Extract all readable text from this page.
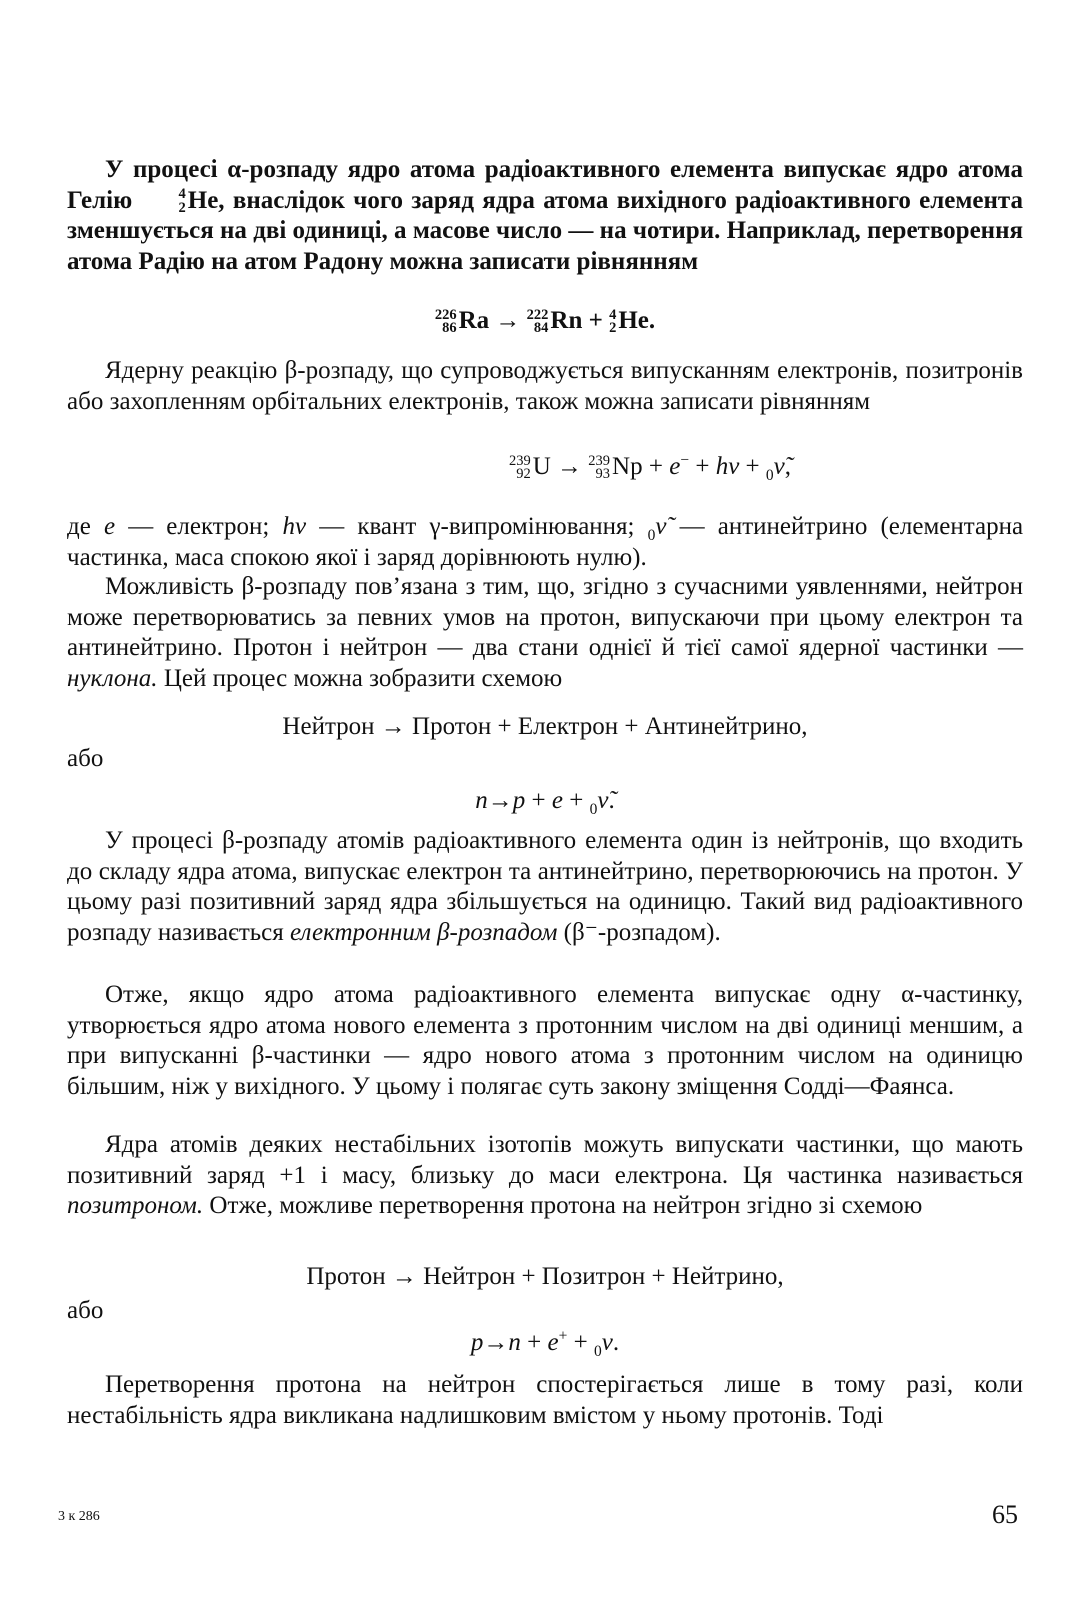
У процесі α-розпаду ядро атома радіоактивного елемента випускає ядро атома Гелію	4
2 He, внаслідок чого заряд ядра атома вихідного радіоактивного елемента зменшується на дві одиниці, а масове число — на чотири. Наприклад, перетворення атома Радію на атом Радону можна записати рівнянням

226
86 Ra → 222
84 Rn + 4
2 He.

Ядерну реакцію β-розпаду, що супроводжується випусканням електронів, позитронів або захопленням орбітальних електронів, також можна записати рівнянням

239
92 U → 239
93 Np + e− + hν + $_0$ν̃,

де e — електрон; hν — квант γ-випромінювання; $_0$ν̃ — антинейтрино (елементарна частинка, маса спокою якої і заряд дорівнюють нулю).

Можливість β-розпаду пов’язана з тим, що, згідно з сучасними уявленнями, нейтрон може перетворюватись за певних умов на протон, випускаючи при цьому електрон та антинейтрино. Протон і нейтрон — два стани однієї й тієї самої ядерної частинки — нуклона. Цей процес можна зобразити схемою

Нейтрон → Протон + Електрон + Антинейтрино,
або
n→p + e + $_0$ν̃.

У процесі β-розпаду атомів радіоактивного елемента один із нейтронів, що входить до складу ядра атома, випускає електрон та антинейтрино, перетворюючись на протон. У цьому разі позитивний заряд ядра збільшується на одиницю. Такий вид радіоактивного розпаду називається електронним β-розпадом (β⁻-розпадом).

Отже, якщо ядро атома радіоактивного елемента випускає одну α-частинку, утворюється ядро атома нового елемента з протонним числом на дві одиниці меншим, а при випусканні β-частинки — ядро нового атома з протонним числом на одиницю більшим, ніж у вихідного. У цьому і полягає суть закону зміщення Содді—Фаянса.

Ядра атомів деяких нестабільних ізотопів можуть випускати частинки, що мають позитивний заряд +1 і масу, близьку до маси електрона. Ця частинка називається позитроном. Отже, можливе перетворення протона на нейтрон згідно зі схемою

Протон → Нейтрон + Позитрон + Нейтрино,
або
p→n + e+ + $_0$ν.

Перетворення протона на нейтрон спостерігається лише в тому разі, коли нестабільність ядра викликана надлишковим вмістом у ньому протонів. Тоді

3 к 286	65
